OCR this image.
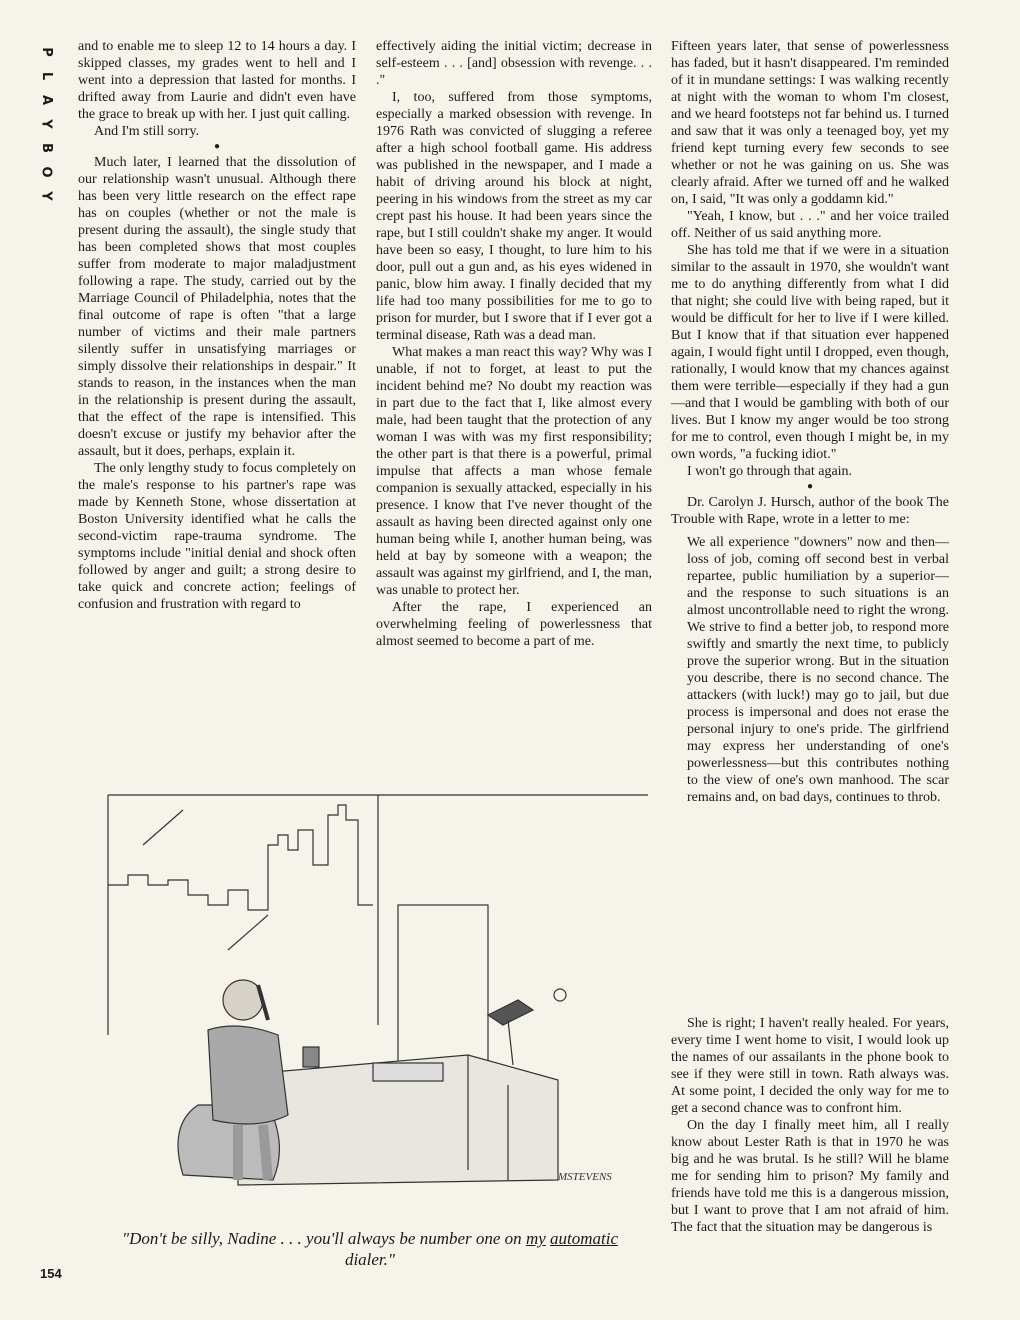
P
L
A
Y
B
O
Y

and to enable me to sleep 12 to 14 hours a day. I skipped classes, my grades went to hell and I went into a depression that lasted for months. I drifted away from Laurie and didn't even have the grace to break up with her. I just quit calling.

And I'm still sorry.

●

Much later, I learned that the dissolution of our relationship wasn't unusual. Although there has been very little research on the effect rape has on couples (whether or not the male is present during the assault), the single study that has been completed shows that most couples suffer from moderate to major maladjustment following a rape. The study, carried out by the Marriage Council of Philadelphia, notes that the final outcome of rape is often "that a large number of victims and their male partners silently suffer in unsatisfying marriages or simply dissolve their relationships in despair." It stands to reason, in the instances when the man in the relationship is present during the assault, that the effect of the rape is intensified. This doesn't excuse or justify my behavior after the assault, but it does, perhaps, explain it.

The only lengthy study to focus completely on the male's response to his partner's rape was made by Kenneth Stone, whose dissertation at Boston University identified what he calls the second-victim rape-trauma syndrome. The symptoms include "initial denial and shock often followed by anger and guilt; a strong desire to take quick and concrete action; feelings of confusion and frustration with regard to

effectively aiding the initial victim; decrease in self-esteem . . . [and] obsession with revenge. . . ."

I, too, suffered from those symptoms, especially a marked obsession with revenge. In 1976 Rath was convicted of slugging a referee after a high school football game. His address was published in the newspaper, and I made a habit of driving around his block at night, peering in his windows from the street as my car crept past his house. It had been years since the rape, but I still couldn't shake my anger. It would have been so easy, I thought, to lure him to his door, pull out a gun and, as his eyes widened in panic, blow him away. I finally decided that my life had too many possibilities for me to go to prison for murder, but I swore that if I ever got a terminal disease, Rath was a dead man.

What makes a man react this way? Why was I unable, if not to forget, at least to put the incident behind me? No doubt my reaction was in part due to the fact that I, like almost every male, had been taught that the protection of any woman I was with was my first responsibility; the other part is that there is a powerful, primal impulse that affects a man whose female companion is sexually attacked, especially in his presence. I know that I've never thought of the assault as having been directed against only one human being while I, another human being, was held at bay by someone with a weapon; the assault was against my girlfriend, and I, the man, was unable to protect her.

After the rape, I experienced an overwhelming feeling of powerlessness that almost seemed to become a part of me.

Fifteen years later, that sense of powerlessness has faded, but it hasn't disappeared. I'm reminded of it in mundane settings: I was walking recently at night with the woman to whom I'm closest, and we heard footsteps not far behind us. I turned and saw that it was only a teenaged boy, yet my friend kept turning every few seconds to see whether or not he was gaining on us. She was clearly afraid. After we turned off and he walked on, I said, "It was only a goddamn kid."

"Yeah, I know, but . . ." and her voice trailed off. Neither of us said anything more.

She has told me that if we were in a situation similar to the assault in 1970, she wouldn't want me to do anything differently from what I did that night; she could live with being raped, but it would be difficult for her to live if I were killed. But I know that if that situation ever happened again, I would fight until I dropped, even though, rationally, I would know that my chances against them were terrible—especially if they had a gun—and that I would be gambling with both of our lives. But I know my anger would be too strong for me to control, even though I might be, in my own words, "a fucking idiot."

I won't go through that again.

●

Dr. Carolyn J. Hursch, author of the book The Trouble with Rape, wrote in a letter to me:

We all experience "downers" now and then—loss of job, coming off second best in verbal repartee, public humiliation by a superior—and the response to such situations is an almost uncontrollable need to right the wrong. We strive to find a better job, to respond more swiftly and smartly the next time, to publicly prove the superior wrong. But in the situation you describe, there is no second chance. The attackers (with luck!) may go to jail, but due process is impersonal and does not erase the personal injury to one's pride. The girlfriend may express her understanding of one's powerlessness—but this contributes nothing to the view of one's own manhood. The scar remains and, on bad days, continues to throb.

She is right; I haven't really healed. For years, every time I went home to visit, I would look up the names of our assailants in the phone book to see if they were still in town. Rath always was. At some point, I decided the only way for me to get a second chance was to confront him.

On the day I finally meet him, all I really know about Lester Rath is that in 1970 he was big and he was brutal. Is he still? Will he blame me for sending him to prison? My family and friends have told me this is a dangerous mission, but I want to prove that I am not afraid of him. The fact that the situation may be dangerous is

MSTEVENS
"Don't be silly, Nadine . . . you'll always be number one on my automatic dialer."
154
